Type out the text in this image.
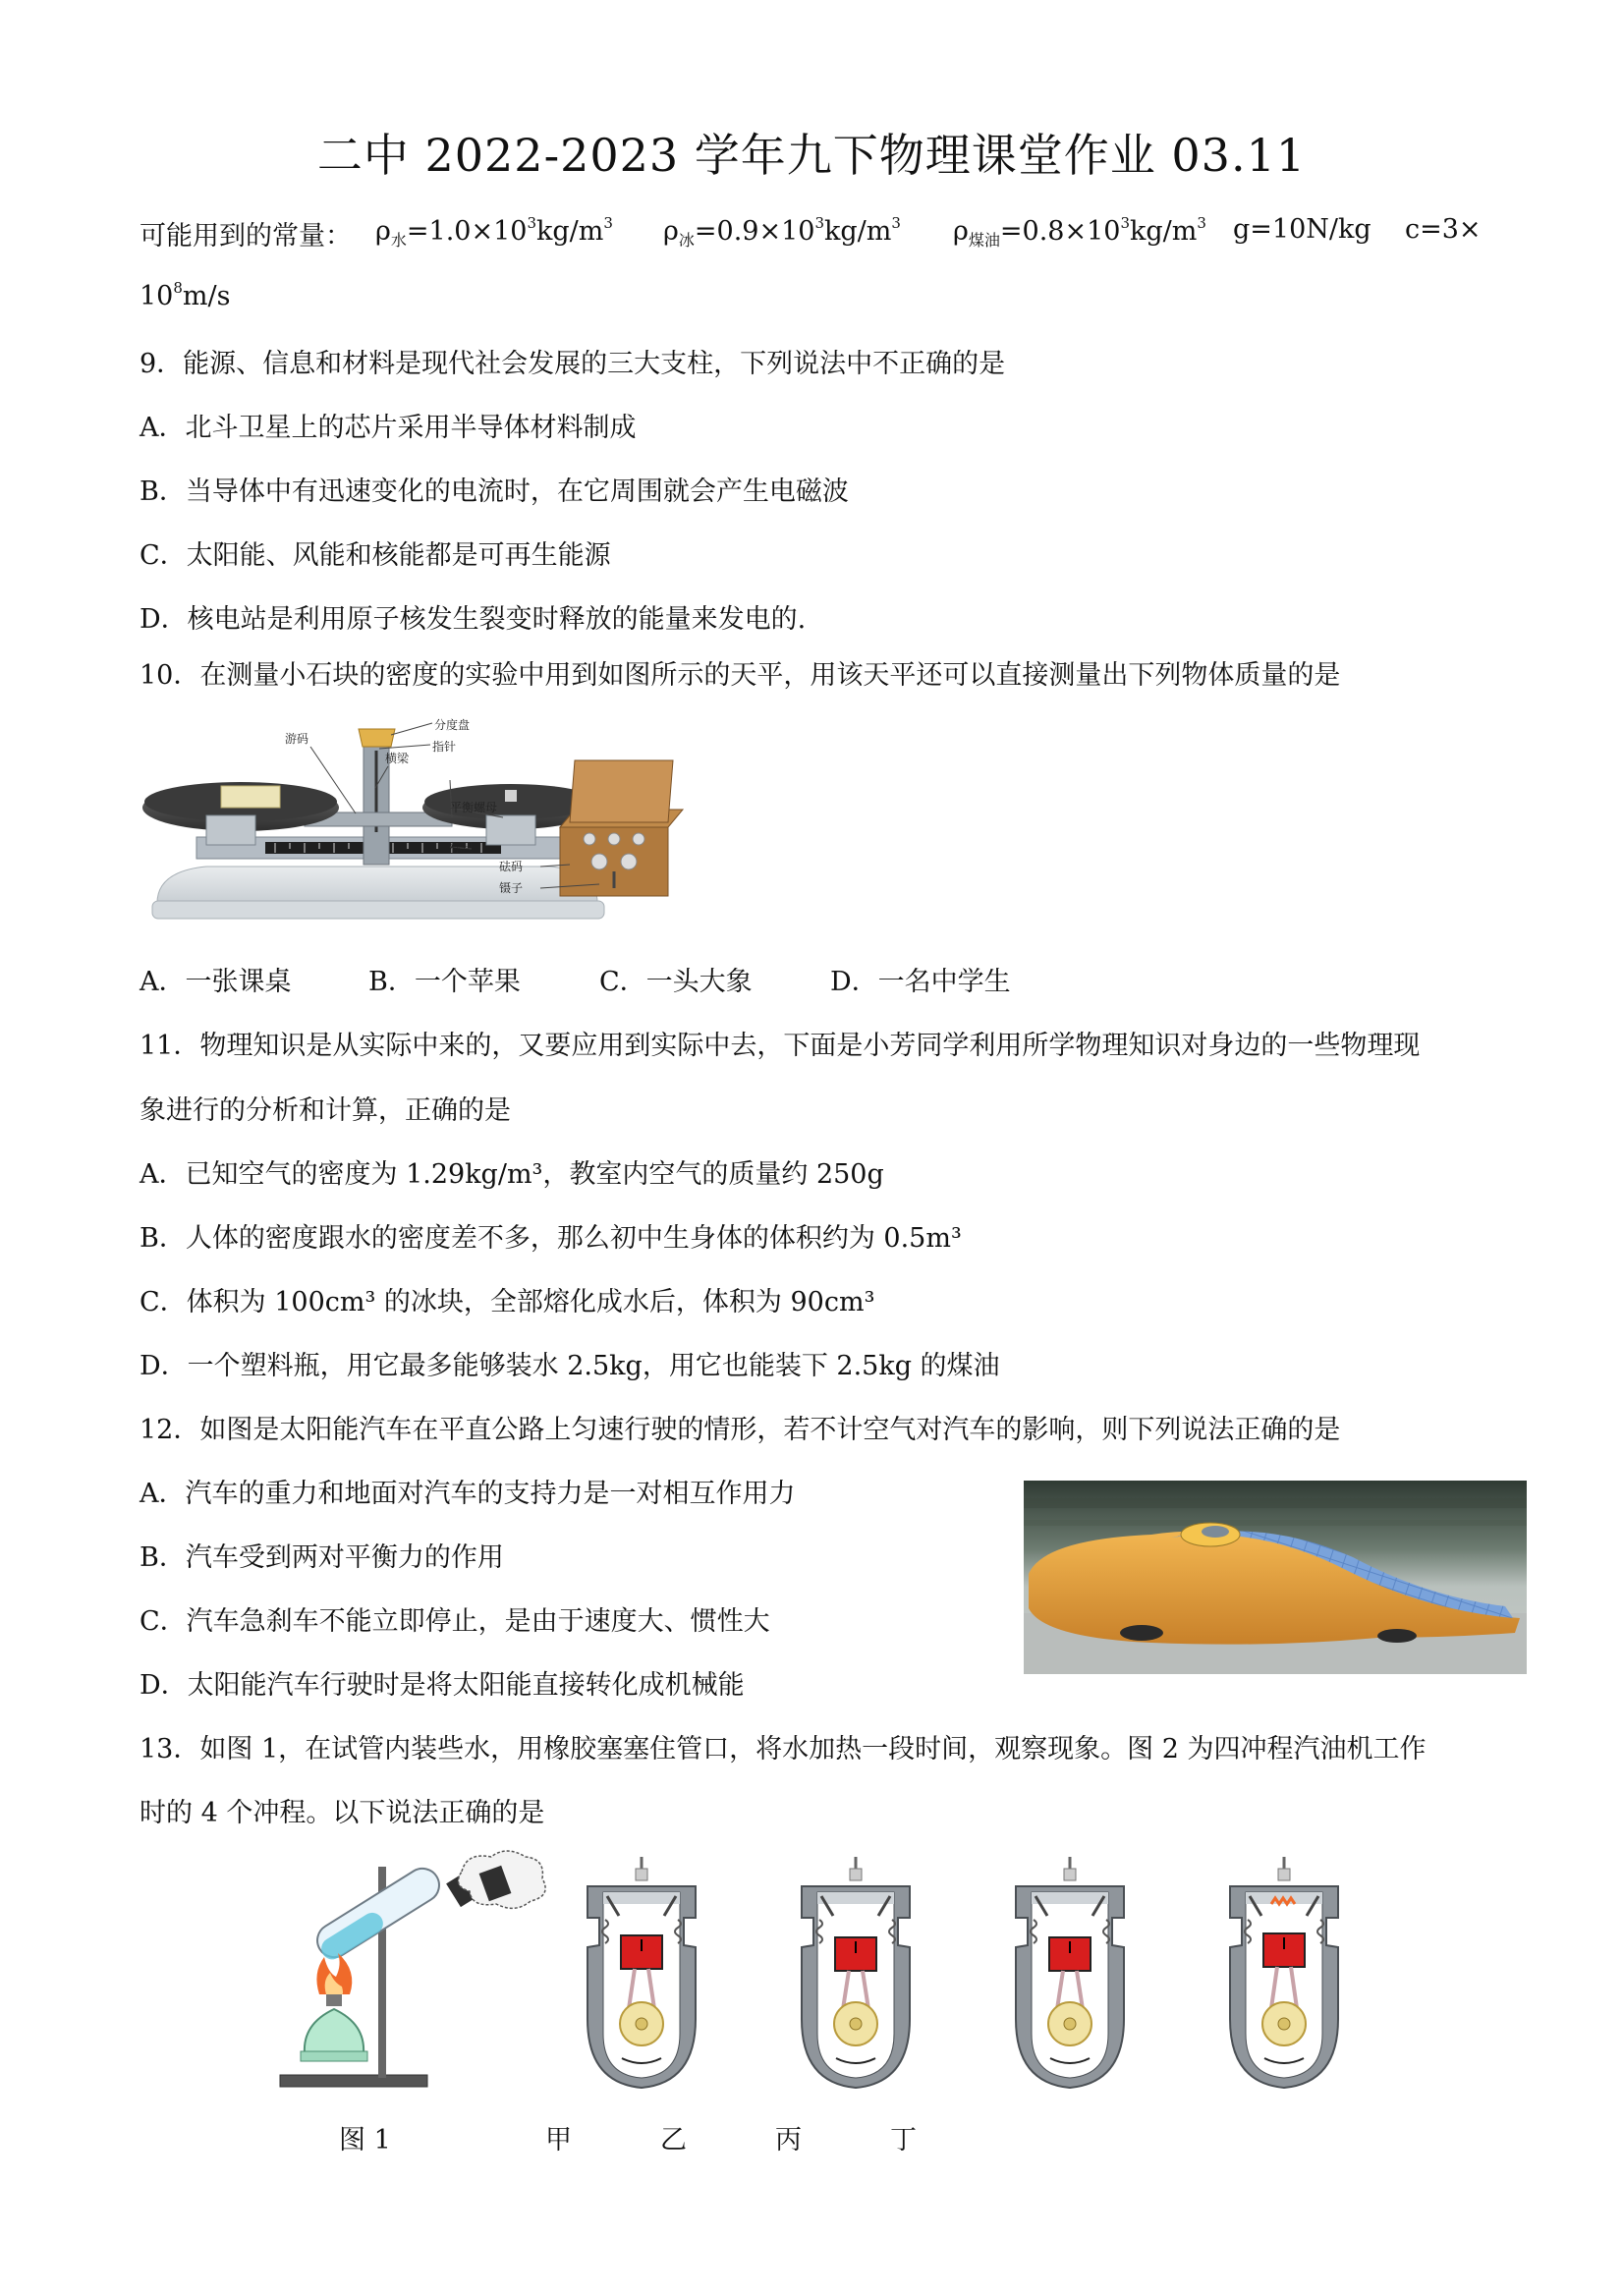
二中 2022-2023 学年九下物理课堂作业 03.11
可能用到的常量： $\rho_水=1.0\times 10^3kg/m^3$ $\rho_冰=0.9\times 10^3kg/m^3$ $\rho_{煤油}=0.8\times 10^3kg/m^3$ g=10N/kg c=3×
$10^8m/s$
9．能源、信息和材料是现代社会发展的三大支柱，下列说法中不正确的是
A．北斗卫星上的芯片采用半导体材料制成
B．当导体中有迅速变化的电流时，在它周围就会产生电磁波
C．太阳能、风能和核能都是可再生能源
D．核电站是利用原子核发生裂变时释放的能量来发电的.
10．在测量小石块的密度的实验中用到如图所示的天平，用该天平还可以直接测量出下列物体质量的是
分度盘
指针
游码
横梁
平衡螺母
标尺
砝码
镊子
A．一张课桌	B．一个苹果	C．一头大象	D．一名中学生
11．物理知识是从实际中来的，又要应用到实际中去，下面是小芳同学利用所学物理知识对身边的一些物理现
象进行的分析和计算，正确的是
A．已知空气的密度为 1.29kg/m³，教室内空气的质量约 250g
B．人体的密度跟水的密度差不多，那么初中生身体的体积约为 0.5m³
C．体积为 100cm³ 的冰块，全部熔化成水后，体积为 90cm³
D．一个塑料瓶，用它最多能够装水 2.5kg，用它也能装下 2.5kg 的煤油
12．如图是太阳能汽车在平直公路上匀速行驶的情形，若不计空气对汽车的影响，则下列说法正确的是
A．汽车的重力和地面对汽车的支持力是一对相互作用力
B．汽车受到两对平衡力的作用
C．汽车急刹车不能立即停止，是由于速度大、惯性大
D．太阳能汽车行驶时是将太阳能直接转化成机械能
13．如图 1，在试管内装些水，用橡胶塞塞住管口，将水加热一段时间，观察现象。图 2 为四冲程汽油机工作
时的 4 个冲程。以下说法正确的是
图 1	甲	乙	丙	丁
